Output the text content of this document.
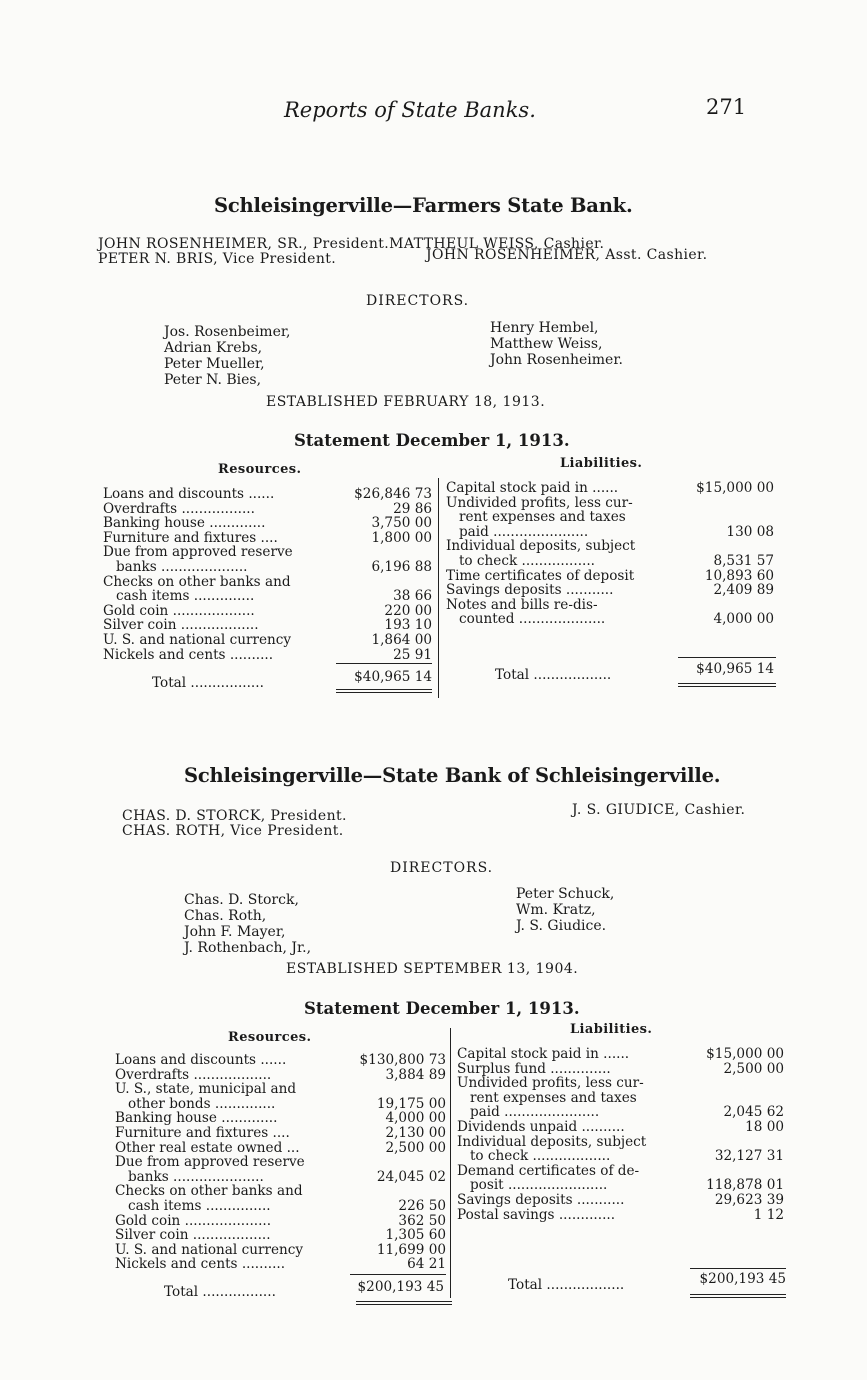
Reports of State Banks.	271
Schleisingerville—Farmers State Bank.
JOHN ROSENHEIMER, SR., President.MATTHEUL WEISS, Cashier.
PETER N. BRIS, Vice President.	JOHN ROSENHEIMER, Asst. Cashier.
DIRECTORS.
Jos. Rosenbeimer,
Adrian Krebs,
Peter Mueller,
Peter N. Bies,
Henry Hembel,
Matthew Weiss,
John Rosenheimer.
ESTABLISHED FEBRUARY 18, 1913.
Statement December 1, 1913.
Resources.	Liabilities.
Loans and discounts ......	$26,846 73
Overdrafts .................	29 86
Banking house .............	3,750 00
Furniture and fixtures ....	1,800 00
Due from approved reserve
banks ....................	6,196 88
Checks on other banks and
cash items ..............	38 66
Gold coin ...................	220 00
Silver coin ..................	193 10
U. S. and national currency	1,864 00
Nickels and cents ..........	25 91
Capital stock paid in ......	$15,000 00
Undivided profits, less cur-
rent expenses and taxes
paid ......................	130 08
Individual deposits, subject
to check .................	8,531 57
Time certificates of deposit	10,893 60
Savings deposits ...........	2,409 89
Notes and bills re-dis-
counted ....................	4,000 00
Total .................	$40,965 14	Total ..................	$40,965 14
Schleisingerville—State Bank of Schleisingerville.
CHAS. D. STORCK, President.
CHAS. ROTH, Vice President.
J. S. GIUDICE, Cashier.
DIRECTORS.
Chas. D. Storck,
Chas. Roth,
John F. Mayer,
J. Rothenbach, Jr.,
Peter Schuck,
Wm. Kratz,
J. S. Giudice.
ESTABLISHED SEPTEMBER 13, 1904.
Statement December 1, 1913.
Resources.
Liabilities.
Loans and discounts ......	$130,800 73
Overdrafts ..................	3,884 89
U. S., state, municipal and
other bonds ..............	19,175 00
Banking house .............	4,000 00
Furniture and fixtures ....	2,130 00
Other real estate owned ...	2,500 00
Due from approved reserve
banks .....................	24,045 02
Checks on other banks and
cash items ...............	226 50
Gold coin ....................	362 50
Silver coin ..................	1,305 60
U. S. and national currency	11,699 00
Nickels and cents ..........	64 21
Capital stock paid in ......	$15,000 00
Surplus fund ..............	2,500 00
Undivided profits, less cur-
rent expenses and taxes
paid ......................	2,045 62
Dividends unpaid ..........	18 00
Individual deposits, subject
to check ..................	32,127 31
Demand certificates of de-
posit .......................	118,878 01
Savings deposits ...........	29,623 39
Postal savings .............	1 12
Total .................	$200,193 45	Total ..................	$200,193 45
